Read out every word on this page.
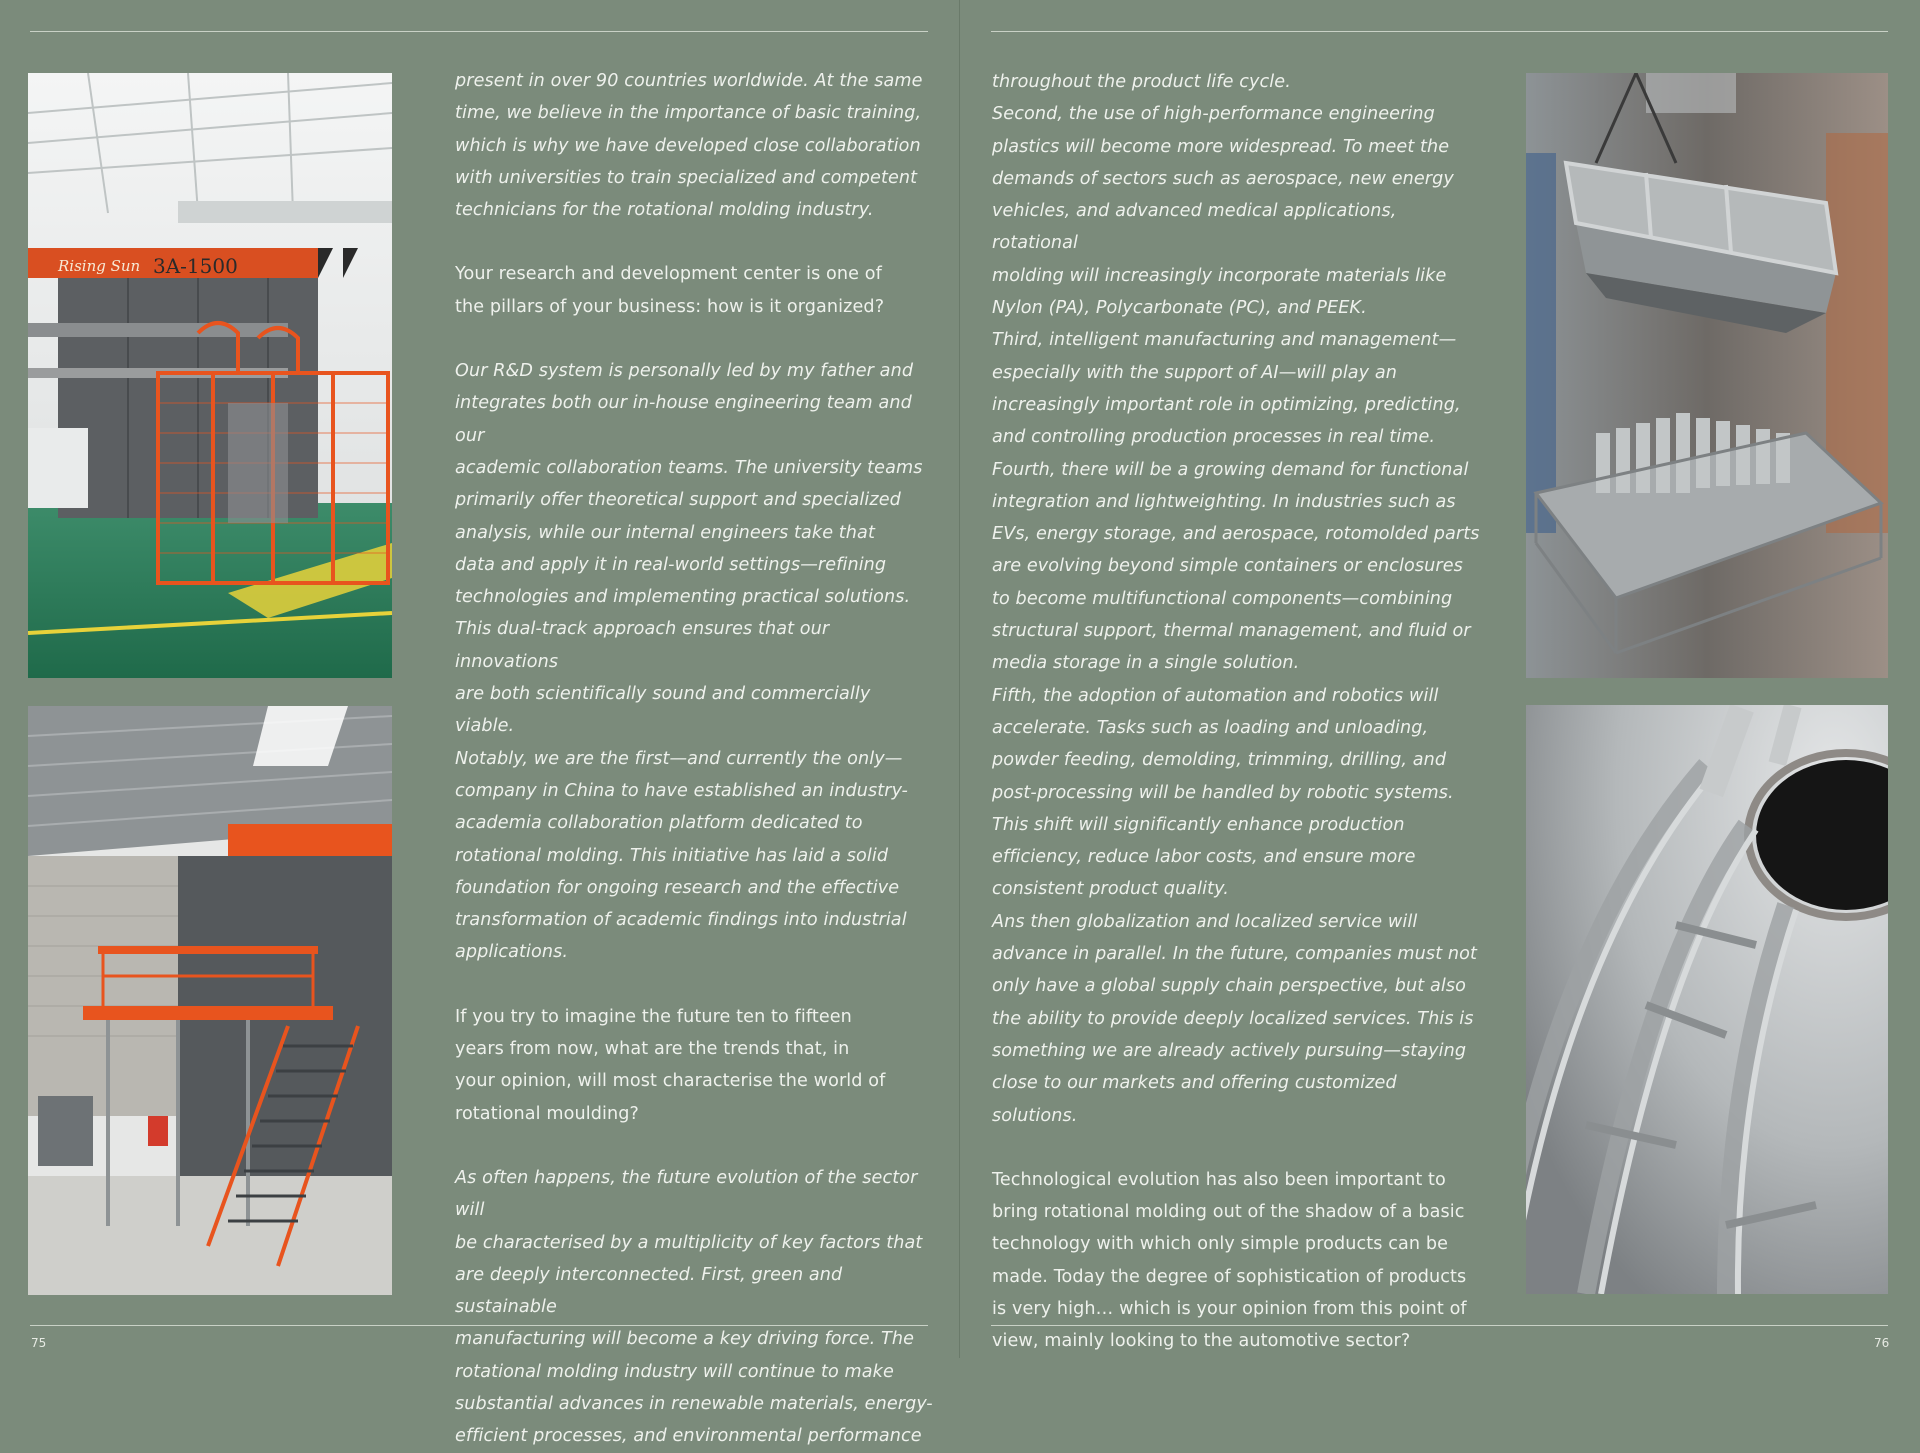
Rising Sun 3A-1500

present in over 90 countries worldwide. At the same
time, we believe in the importance of basic training,
which is why we have developed close collaboration
with universities to train specialized and competent
technicians for the rotational molding industry.

Your research and development center is one of
the pillars of your business: how is it organized?

Our R&D system is personally led by my father and
integrates both our in-house engineering team and our
academic collaboration teams. The university teams
primarily offer theoretical support and specialized
analysis, while our internal engineers take that
data and apply it in real-world settings—refining
technologies and implementing practical solutions.
This dual-track approach ensures that our innovations
are both scientifically sound and commercially viable.
Notably, we are the first—and currently the only—
company in China to have established an industry-
academia collaboration platform dedicated to
rotational molding. This initiative has laid a solid
foundation for ongoing research and the effective
transformation of academic findings into industrial
applications.

If you try to imagine the future ten to fifteen
years from now, what are the trends that, in
your opinion, will most characterise the world of
rotational moulding?

As often happens, the future evolution of the sector will
be characterised by a multiplicity of key factors that
are deeply interconnected. First, green and sustainable
manufacturing will become a key driving force. The
rotational molding industry will continue to make
substantial advances in renewable materials, energy-
efficient processes, and environmental performance

75

throughout the product life cycle.
Second, the use of high-performance engineering
plastics will become more widespread. To meet the
demands of sectors such as aerospace, new energy
vehicles, and advanced medical applications, rotational
molding will increasingly incorporate materials like
Nylon (PA), Polycarbonate (PC), and PEEK.
Third, intelligent manufacturing and management—
especially with the support of AI—will play an
increasingly important role in optimizing, predicting,
and controlling production processes in real time.
Fourth, there will be a growing demand for functional
integration and lightweighting. In industries such as
EVs, energy storage, and aerospace, rotomolded parts
are evolving beyond simple containers or enclosures
to become multifunctional components—combining
structural support, thermal management, and fluid or
media storage in a single solution.
Fifth, the adoption of automation and robotics will
accelerate. Tasks such as loading and unloading,
powder feeding, demolding, trimming, drilling, and
post-processing will be handled by robotic systems.
This shift will significantly enhance production
efficiency, reduce labor costs, and ensure more
consistent product quality.
Ans then globalization and localized service will
advance in parallel. In the future, companies must not
only have a global supply chain perspective, but also
the ability to provide deeply localized services. This is
something we are already actively pursuing—staying
close to our markets and offering customized solutions.

Technological evolution has also been important to
bring rotational molding out of the shadow of a basic
technology with which only simple products can be
made. Today the degree of sophistication of products
is very high… which is your opinion from this point of
view, mainly looking to the automotive sector?	76
